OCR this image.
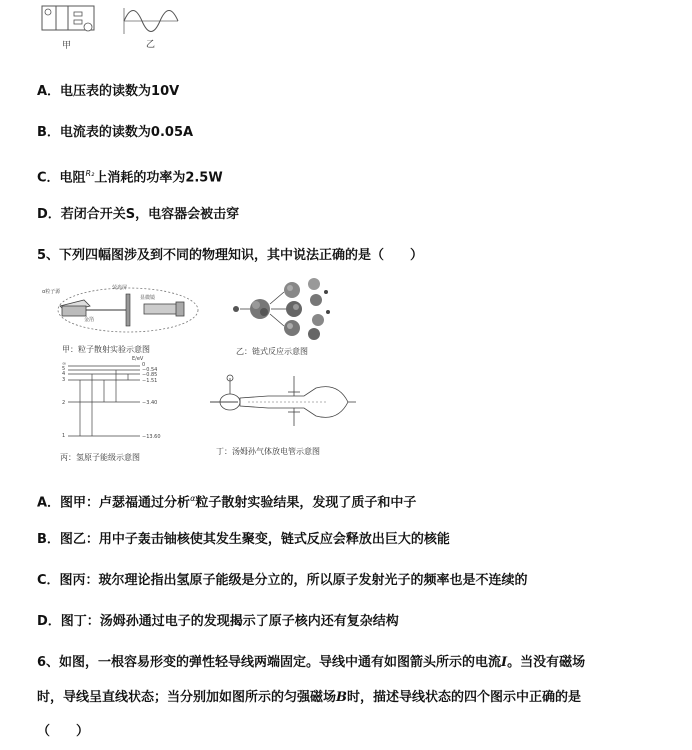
甲	乙
A．电压表的读数为10V
B．电流表的读数为0.05A
C．电阻$^{R_2}$上消耗的功率为2.5W
D．若闭合开关S，电容器会被击穿
5、下列四幅图涉及到不同的物理知识，其中说法正确的是（　　）
α粒子源
金箔
荧光屏
显微镜
甲：粒子散射实验示意图	乙：链式反应示意图
E/eV
∞	0
5	−0.54
4	−0.85
3	−1.51
2	−3.40
1	−13.60
丙：氢原子能级示意图
丁：汤姆孙气体放电管示意图
A．图甲：卢瑟福通过分析$^\alpha$粒子散射实验结果，发现了质子和中子
B．图乙：用中子轰击铀核使其发生聚变，链式反应会释放出巨大的核能
C．图丙：玻尔理论指出氢原子能级是分立的，所以原子发射光子的频率也是不连续的
D．图丁：汤姆孙通过电子的发现揭示了原子核内还有复杂结构
6、如图，一根容易形变的弹性轻导线两端固定。导线中通有如图箭头所示的电流I。当没有磁场
时，导线呈直线状态；当分别加如图所示的匀强磁场B时，描述导线状态的四个图示中正确的是
（　　）
